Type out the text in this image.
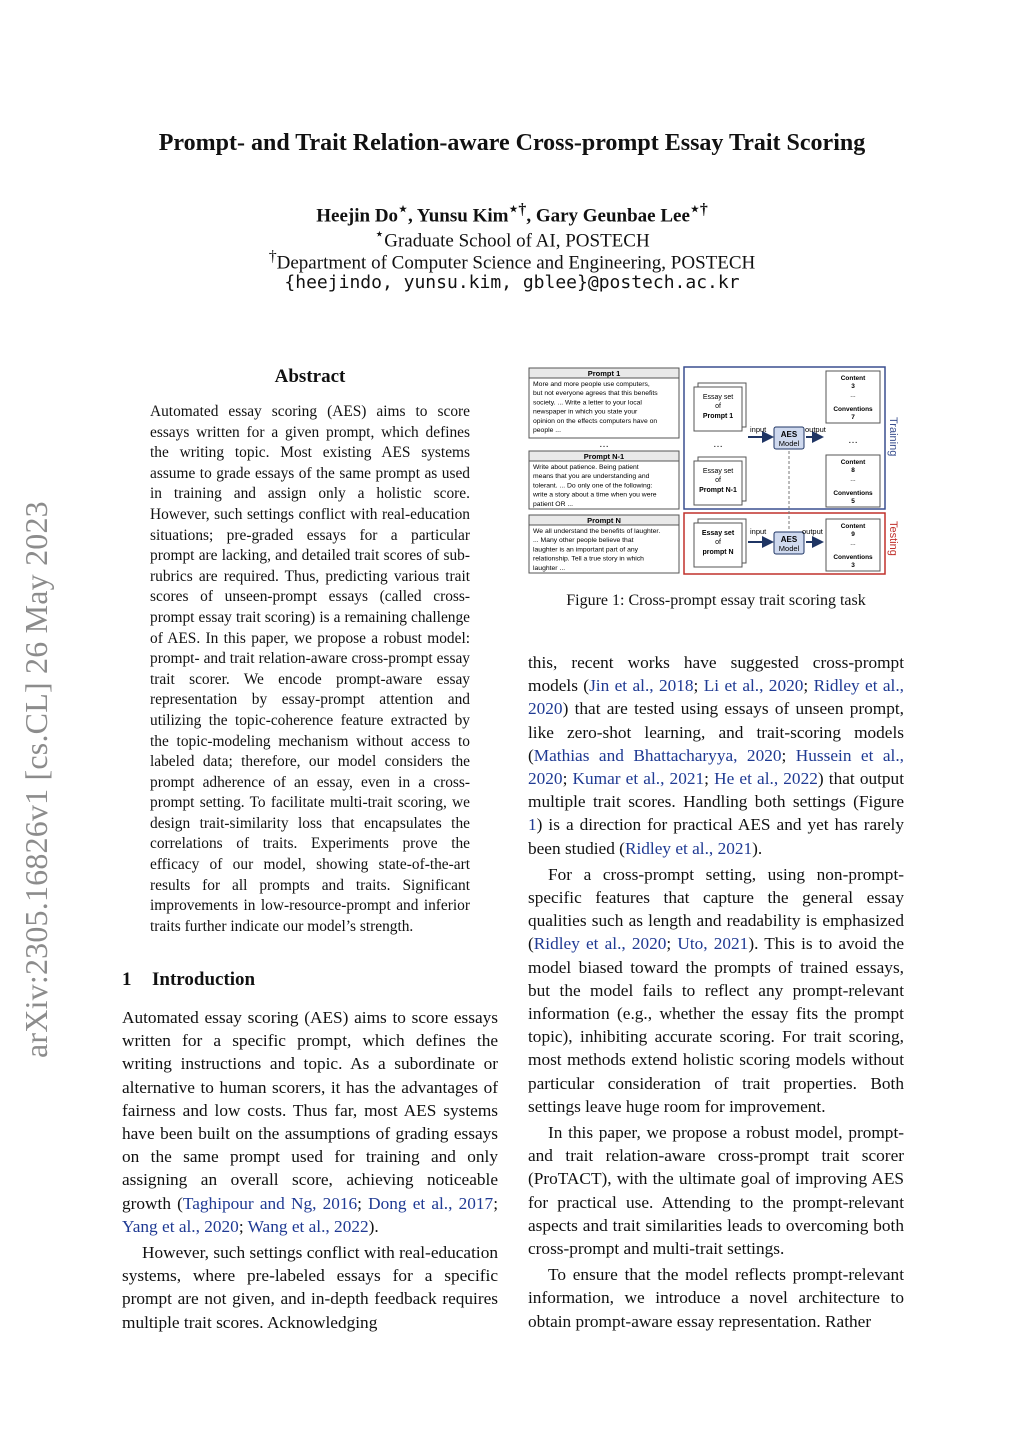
arXiv:2305.16826v1 [cs.CL] 26 May 2023
Prompt- and Trait Relation-aware Cross-prompt Essay Trait Scoring
Heejin Do⋆, Yunsu Kim⋆†, Gary Geunbae Lee⋆†
⋆Graduate School of AI, POSTECH
†Department of Computer Science and Engineering, POSTECH
{heejindo, yunsu.kim, gblee}@postech.ac.kr
Abstract
Automated essay scoring (AES) aims to score essays written for a given prompt, which defines the writing topic. Most existing AES systems assume to grade essays of the same prompt as used in training and assign only a holistic score. However, such settings conflict with real-education situations; pre-graded essays for a particular prompt are lacking, and detailed trait scores of sub-rubrics are required. Thus, predicting various trait scores of unseen-prompt essays (called cross-prompt essay trait scoring) is a remaining challenge of AES. In this paper, we propose a robust model: prompt- and trait relation-aware cross-prompt essay trait scorer. We encode prompt-aware essay representation by essay-prompt attention and utilizing the topic-coherence feature extracted by the topic-modeling mechanism without access to labeled data; therefore, our model considers the prompt adherence of an essay, even in a cross-prompt setting. To facilitate multi-trait scoring, we design trait-similarity loss that encapsulates the correlations of traits. Experiments prove the efficacy of our model, showing state-of-the-art results for all prompts and traits. Significant improvements in low-resource-prompt and inferior traits further indicate our model’s strength.
1 Introduction

Automated essay scoring (AES) aims to score essays written for a specific prompt, which defines the writing instructions and topic. As a subordinate or alternative to human scorers, it has the advantages of fairness and low costs. Thus far, most AES systems have been built on the assumptions of grading essays on the same prompt used for training and only assigning an overall score, achieving noticeable growth (Taghipour and Ng, 2016; Dong et al., 2017; Yang et al., 2020; Wang et al., 2022).

However, such settings conflict with real-education systems, where pre-labeled essays for a specific prompt are not given, and in-depth feedback requires multiple trait scores. Acknowledging

Prompt 1
More and more people use computers,
but not everyone agrees that this benefits
society. ... Write a letter to your local
newspaper in which you state your
opinion on the effects computers have on
people ...
…
Prompt N-1
Write about patience. Being patient
means that you are understanding and
tolerant. ... Do only one of the following:
write a story about a time when you were
patient OR ...
Prompt N
We all understand the benefits of laughter.
... Many other people believe that
laughter is an important part of any
relationship. Tell a true story in which
laughter ...
Training
Testing
Essay set
of
Prompt 1
…
Essay set
of
Prompt N-1
input
AES
Model
output
Content
3
...
Conventions
7
…
Content
8
...
Conventions
5
Essay set
of
prompt N
input
AES
Model
output
Content
9
...
Conventions
3
Figure 1: Cross-prompt essay trait scoring task

this, recent works have suggested cross-prompt models (Jin et al., 2018; Li et al., 2020; Ridley et al., 2020) that are tested using essays of unseen prompt, like zero-shot learning, and trait-scoring models (Mathias and Bhattacharyya, 2020; Hussein et al., 2020; Kumar et al., 2021; He et al., 2022) that output multiple trait scores. Handling both settings (Figure 1) is a direction for practical AES and yet has rarely been studied (Ridley et al., 2021).

For a cross-prompt setting, using non-prompt-specific features that capture the general essay qualities such as length and readability is emphasized (Ridley et al., 2020; Uto, 2021). This is to avoid the model biased toward the prompts of trained essays, but the model fails to reflect any prompt-relevant information (e.g., whether the essay fits the prompt topic), inhibiting accurate scoring. For trait scoring, most methods extend holistic scoring models without particular consideration of trait properties. Both settings leave huge room for improvement.

In this paper, we propose a robust model, prompt- and trait relation-aware cross-prompt trait scorer (ProTACT), with the ultimate goal of improving AES for practical use. Attending to the prompt-relevant aspects and trait similarities leads to overcoming both cross-prompt and multi-trait settings.

To ensure that the model reflects prompt-relevant information, we introduce a novel architecture to obtain prompt-aware essay representation. Rather
